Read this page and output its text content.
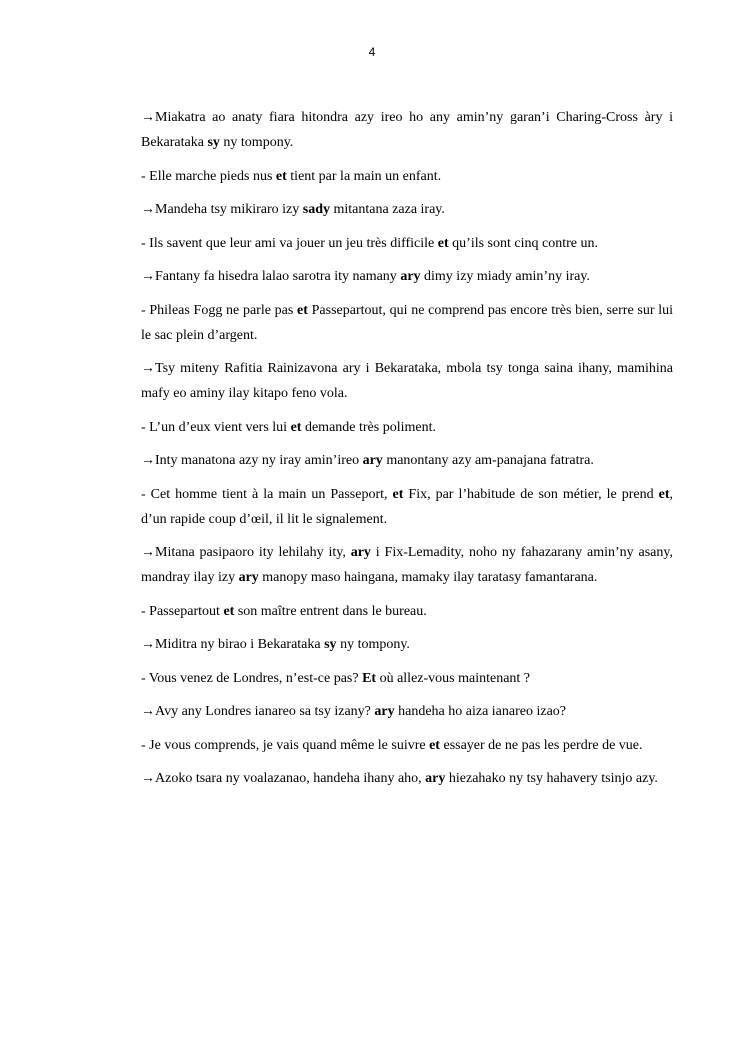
4

→Miakatra ao anaty fiara hitondra azy ireo ho any amin’ny garan’i Charing-Cross àry i Bekarataka sy ny tompony.

- Elle marche pieds nus et tient par la main un enfant.

→Mandeha tsy mikiraro izy sady mitantana zaza iray.

- Ils savent que leur ami va jouer un jeu très difficile et qu’ils sont cinq contre un.

→Fantany fa hisedra lalao sarotra ity namany ary dimy izy miady amin’ny iray.

- Phileas Fogg ne parle pas et Passepartout, qui ne comprend pas encore très bien, serre sur lui le sac plein d’argent.

→Tsy miteny Rafitia Rainizavona ary i Bekarataka, mbola tsy tonga saina ihany, mamihina mafy eo aminy ilay kitapo feno vola.

- L’un d’eux vient vers lui et demande très poliment.

→Inty manatona azy ny iray amin’ireo ary manontany azy am-panajana fatratra.

- Cet homme tient à la main un Passeport, et Fix, par l’habitude de son métier, le prend et, d’un rapide coup d’œil, il lit le signalement.

→Mitana pasipaoro ity lehilahy ity, ary i Fix-Lemadity, noho ny fahazarany amin’ny asany, mandray ilay izy ary manopy maso haingana, mamaky ilay taratasy famantarana.

- Passepartout et son maître entrent dans le bureau.

→Miditra ny birao i Bekarataka sy ny tompony.

- Vous venez de Londres, n’est-ce pas? Et où allez-vous maintenant ?

→Avy any Londres ianareo sa tsy izany? ary handeha ho aiza ianareo izao?

- Je vous comprends, je vais quand même le suivre et essayer de ne pas les perdre de vue.

→Azoko tsara ny voalazanao, handeha ihany aho, ary hiezahako ny tsy hahavery tsinjo azy.
